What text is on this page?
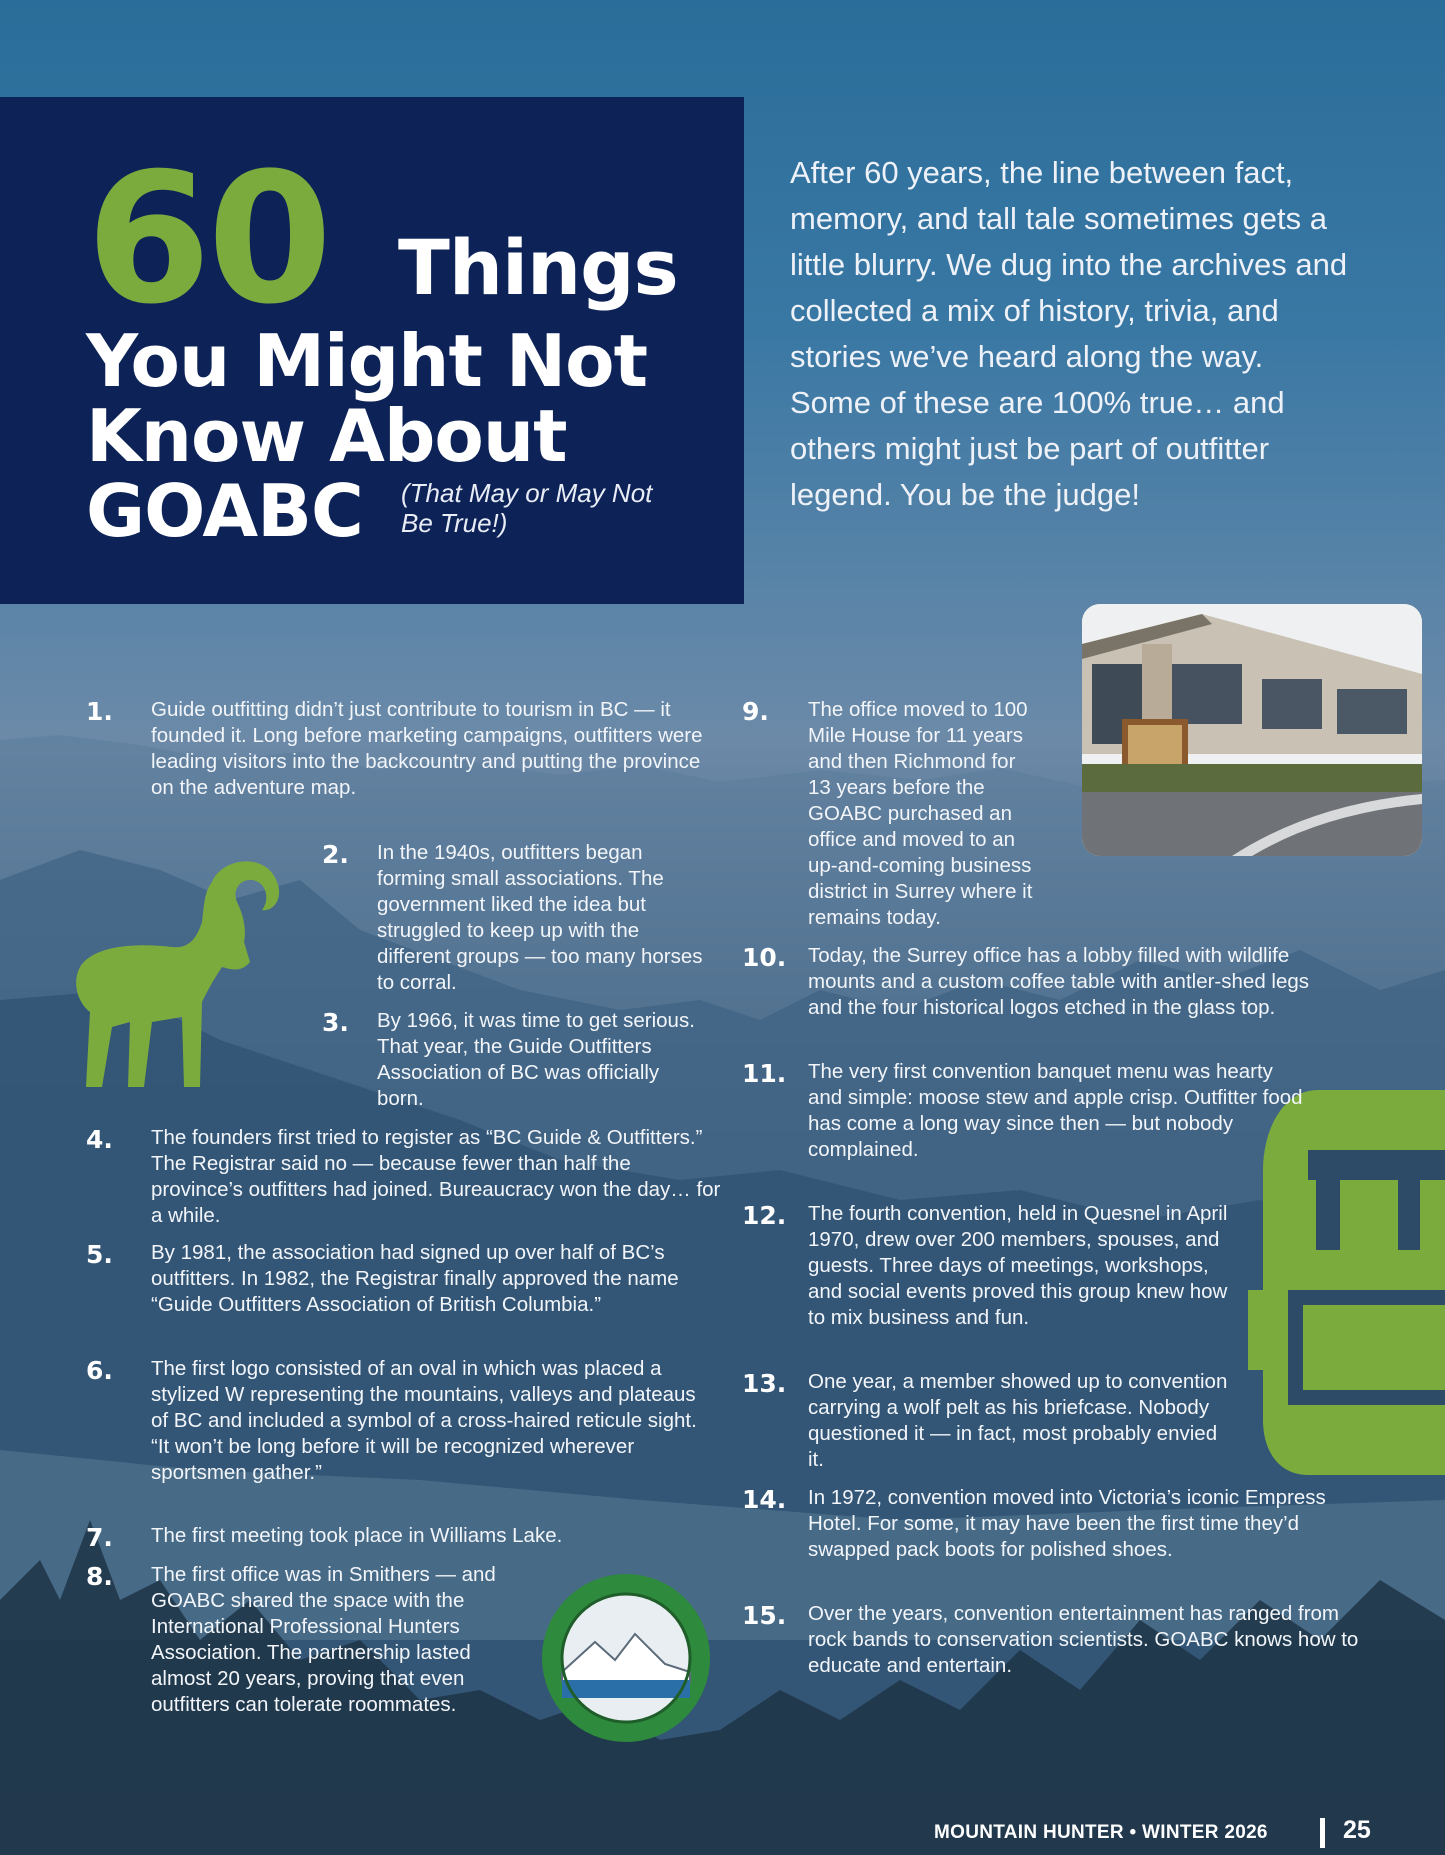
60 Things
You Might Not
Know About
GOABC (That May or May Not Be True!)
After 60 years, the line between fact, memory, and tall tale sometimes gets a little blurry. We dug into the archives and collected a mix of history, trivia, and stories we’ve heard along the way. Some of these are 100% true… and others might just be part of outfitter legend. You be the judge!
1. Guide outfitting didn’t just contribute to tourism in BC — it founded it. Long before marketing campaigns, outfitters were leading visitors into the backcountry and putting the province on the adventure map.
2. In the 1940s, outfitters began forming small associations. The government liked the idea but struggled to keep up with the different groups — too many horses to corral.
3. By 1966, it was time to get serious. That year, the Guide Outfitters Association of BC was officially born.
4. The founders first tried to register as “BC Guide & Outfitters.” The Registrar said no — because fewer than half the province’s outfitters had joined. Bureaucracy won the day… for a while.
5. By 1981, the association had signed up over half of BC’s outfitters. In 1982, the Registrar finally approved the name “Guide Outfitters Association of British Columbia.”
6. The first logo consisted of an oval in which was placed a stylized W representing the mountains, valleys and plateaus of BC and included a symbol of a cross-haired reticule sight. “It won’t be long before it will be recognized wherever sportsmen gather.”
7. The first meeting took place in Williams Lake.
8. The first office was in Smithers — and GOABC shared the space with the International Professional Hunters Association. The partnership lasted almost 20 years, proving that even outfitters can tolerate roommates.
9. The office moved to 100 Mile House for 11 years and then Richmond for 13 years before the GOABC purchased an office and moved to an up-and-coming business district in Surrey where it remains today.
10. Today, the Surrey office has a lobby filled with wildlife mounts and a custom coffee table with antler-shed legs and the four historical logos etched in the glass top.
11. The very first convention banquet menu was hearty and simple: moose stew and apple crisp. Outfitter food has come a long way since then — but nobody complained.
12. The fourth convention, held in Quesnel in April 1970, drew over 200 members, spouses, and guests. Three days of meetings, workshops, and social events proved this group knew how to mix business and fun.
13. One year, a member showed up to convention carrying a wolf pelt as his briefcase. Nobody questioned it — in fact, most probably envied it.
14. In 1972, convention moved into Victoria’s iconic Empress Hotel. For some, it may have been the first time they’d swapped pack boots for polished shoes.
15. Over the years, convention entertainment has ranged from rock bands to conservation scientists. GOABC knows how to educate and entertain.
MOUNTAIN HUNTER • WINTER 2026	25
